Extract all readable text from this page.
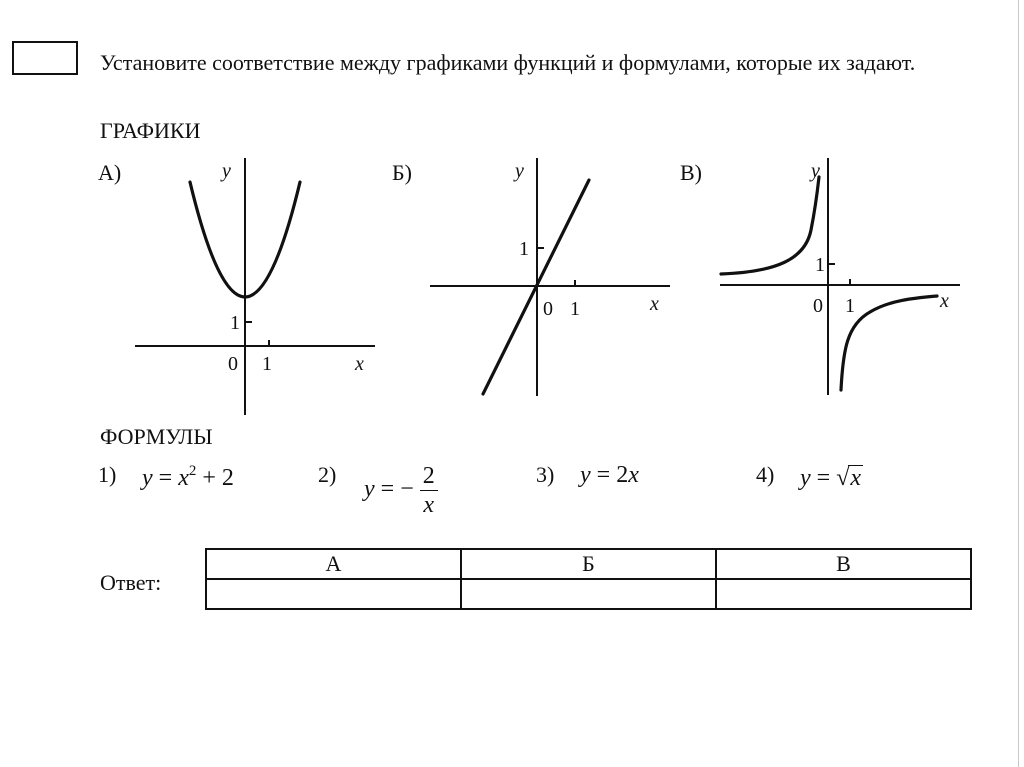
Установите соответствие между графиками функций и формулами, которые их задают.
ГРАФИКИ
А)	Б)	В)
y
x
0 1
1
y
x
0 1
1
y
x
0 1
1
ФОРМУЛЫ
1) $y = x^2 + 2$	2)
y = − $\frac{2}{x}$	3) y = 2x	4) y = √x
Ответ:
А	Б	В
